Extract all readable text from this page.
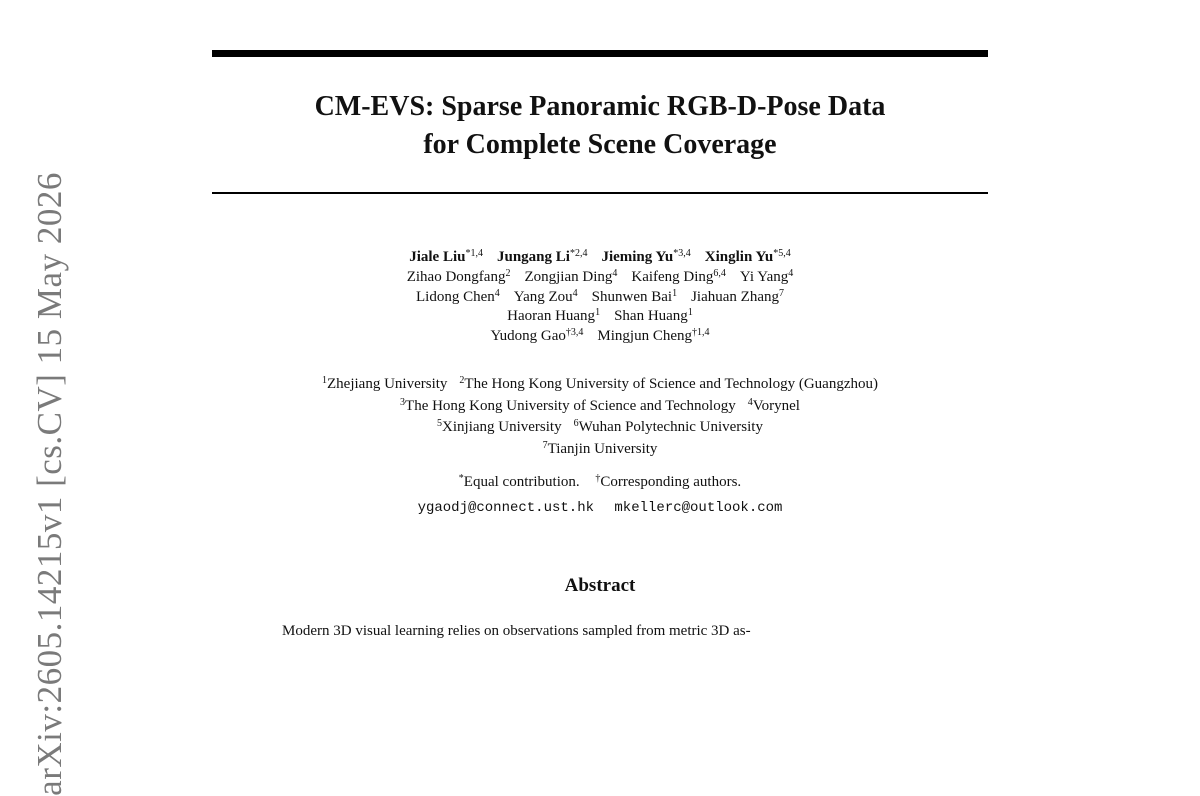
arXiv:2605.14215v1 [cs.CV] 15 May 2026
CM-EVS: Sparse Panoramic RGB-D-Pose Data
for Complete Scene Coverage
Jiale Liu$^{*1,4}$ Jungang Li$^{*2,4}$ Jieming Yu$^{*3,4}$ Xinglin Yu$^{*5,4}$
Zihao Dongfang$^2$ Zongjian Ding$^4$ Kaifeng Ding$^{6,4}$ Yi Yang$^4$
Lidong Chen$^4$ Yang Zou$^4$ Shunwen Bai$^1$ Jiahuan Zhang$^7$
Haoran Huang$^1$ Shan Huang$^1$
Yudong Gao$^{\dagger 3,4}$ Mingjun Cheng$^{\dagger 1,4}$
$^1$Zhejiang University $^2$The Hong Kong University of Science and Technology (Guangzhou)
$^3$The Hong Kong University of Science and Technology $^4$Vorynel
$^5$Xinjiang University $^6$Wuhan Polytechnic University
$^7$Tianjin University
*Equal contribution. †Corresponding authors.
ygaodj@connect.ust.hk mkellerc@outlook.com
Abstract
Modern 3D visual learning relies on observations sampled from metric 3D as-
